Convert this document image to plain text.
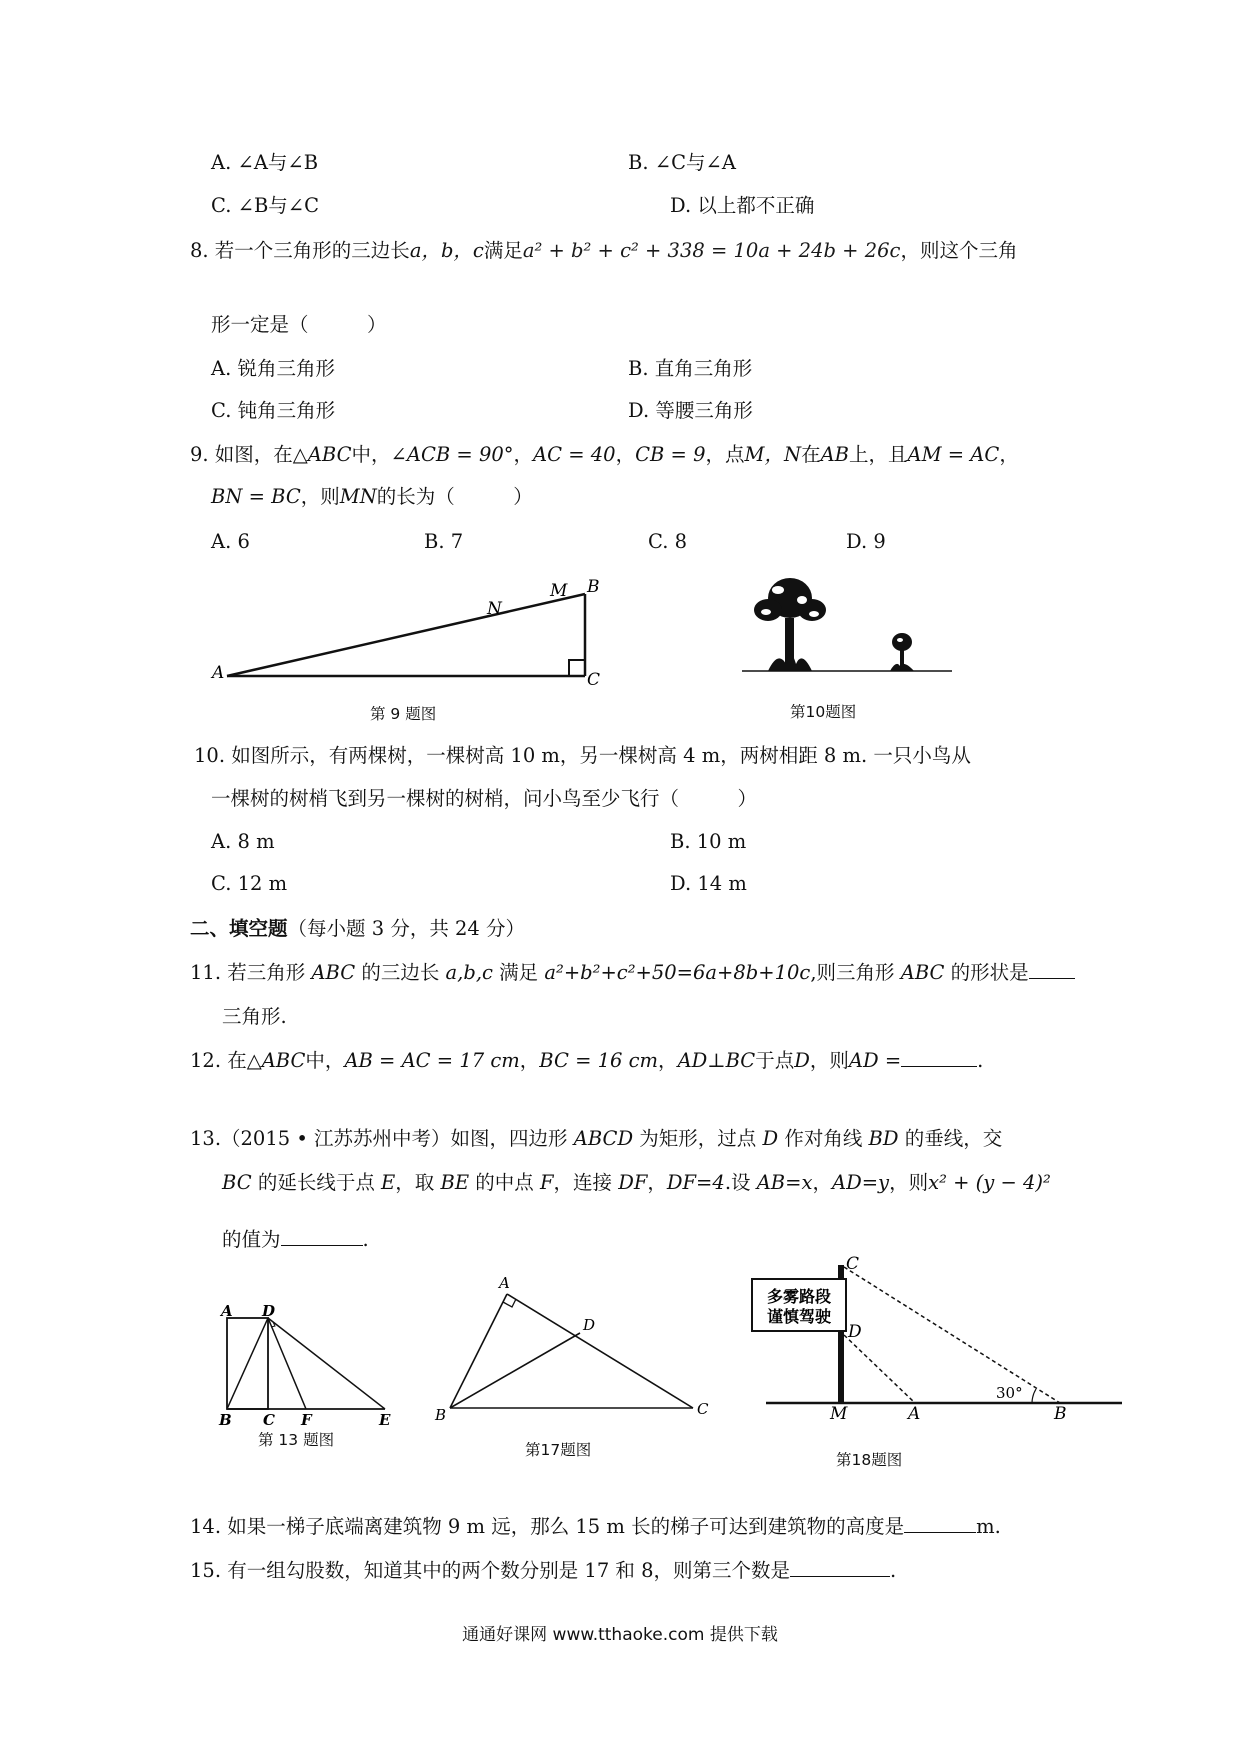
A. ∠A与∠B	B. ∠C与∠A
C. ∠B与∠C	D. 以上都不正确
8. 若一个三角形的三边长a，b，c满足a² + b² + c² + 338 = 10a + 24b + 26c，则这个三角
形一定是（　　　）
A. 锐角三角形	B. 直角三角形
C. 钝角三角形	D. 等腰三角形
9. 如图，在△ABC中，∠ACB = 90°，AC = 40，CB = 9，点M，N在AB上，且AM = AC，
BN = BC，则MN的长为（　　　）
A. 6	B. 7	C. 8	D. 9
A
B
C
M
N
第 9 题图	第10题图
10. 如图所示，有两棵树，一棵树高 10 m，另一棵树高 4 m，两树相距 8 m. 一只小鸟从
一棵树的树梢飞到另一棵树的树梢，问小鸟至少飞行（　　　）
A. 8 m	B. 10 m
C. 12 m	D. 14 m
二、填空题（每小题 3 分，共 24 分）
11. 若三角形 ABC 的三边长 a,b,c 满足 a²+b²+c²+50=6a+8b+10c,则三角形 ABC 的形状是
三角形.
12. 在△ABC中，AB = AC = 17 cm，BC = 16 cm，AD⊥BC于点D，则AD =	.
13.（2015 • 江苏苏州中考）如图，四边形 ABCD 为矩形，过点 D 作对角线 BD 的垂线，交
BC 的延长线于点 E，取 BE 的中点 F，连接 DF，DF=4.设 AB=x，AD=y，则x² + (y − 4)²
的值为	.
A D
B C F	E
第 13 题图
A
D
B	C
第17题图
多雾路段
谨慎驾驶
30°
C
D
M	A	B
第18题图
14. 如果一梯子底端离建筑物 9 m 远，那么 15 m 长的梯子可达到建筑物的高度是	m.
15. 有一组勾股数，知道其中的两个数分别是 17 和 8，则第三个数是	.
通通好课网 www.tthaoke.com 提供下载
